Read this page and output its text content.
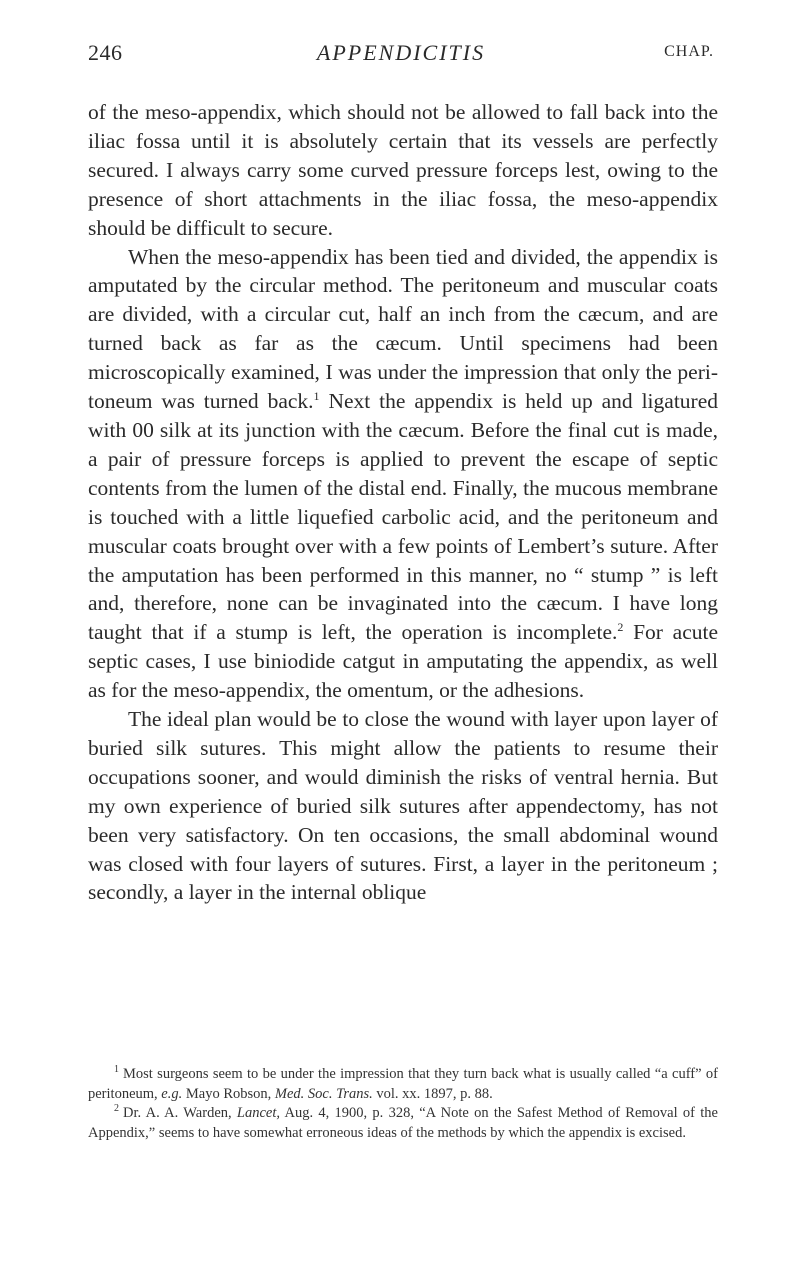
246	APPENDICITIS	CHAP.

of the meso-appendix, which should not be allowed to fall back into the iliac fossa until it is absolutely certain that its vessels are perfectly secured. I always carry some curved pressure forceps lest, owing to the presence of short attachments in the iliac fossa, the meso-appendix should be difficult to secure.

When the meso-appendix has been tied and divided, the appendix is amputated by the circular method. The peritoneum and muscular coats are divided, with a circular cut, half an inch from the cæcum, and are turned back as far as the cæcum. Until specimens had been microscopically examined, I was under the impression that only the peritoneum was turned back.$^1$ Next the appendix is held up and ligatured with 00 silk at its junction with the cæcum. Before the final cut is made, a pair of pressure forceps is applied to prevent the escape of septic contents from the lumen of the distal end. Finally, the mucous membrane is touched with a little liquefied carbolic acid, and the peritoneum and muscular coats brought over with a few points of Lembert’s suture. After the amputation has been performed in this manner, no “ stump ” is left and, therefore, none can be invaginated into the cæcum. I have long taught that if a stump is left, the operation is incomplete.$^2$ For acute septic cases, I use biniodide catgut in amputating the appendix, as well as for the meso-appendix, the omentum, or the adhesions.

The ideal plan would be to close the wound with layer upon layer of buried silk sutures. This might allow the patients to resume their occupations sooner, and would diminish the risks of ventral hernia. But my own experience of buried silk sutures after appendectomy, has not been very satisfactory. On ten occasions, the small abdominal wound was closed with four layers of sutures. First, a layer in the peritoneum ; secondly, a layer in the internal oblique

$^1$ Most surgeons seem to be under the impression that they turn back what is usually called “a cuff” of peritoneum, e.g. Mayo Robson, Med. Soc. Trans. vol. xx. 1897, p. 88.

$^2$ Dr. A. A. Warden, Lancet, Aug. 4, 1900, p. 328, “A Note on the Safest Method of Removal of the Appendix,” seems to have somewhat erroneous ideas of the methods by which the appendix is excised.
